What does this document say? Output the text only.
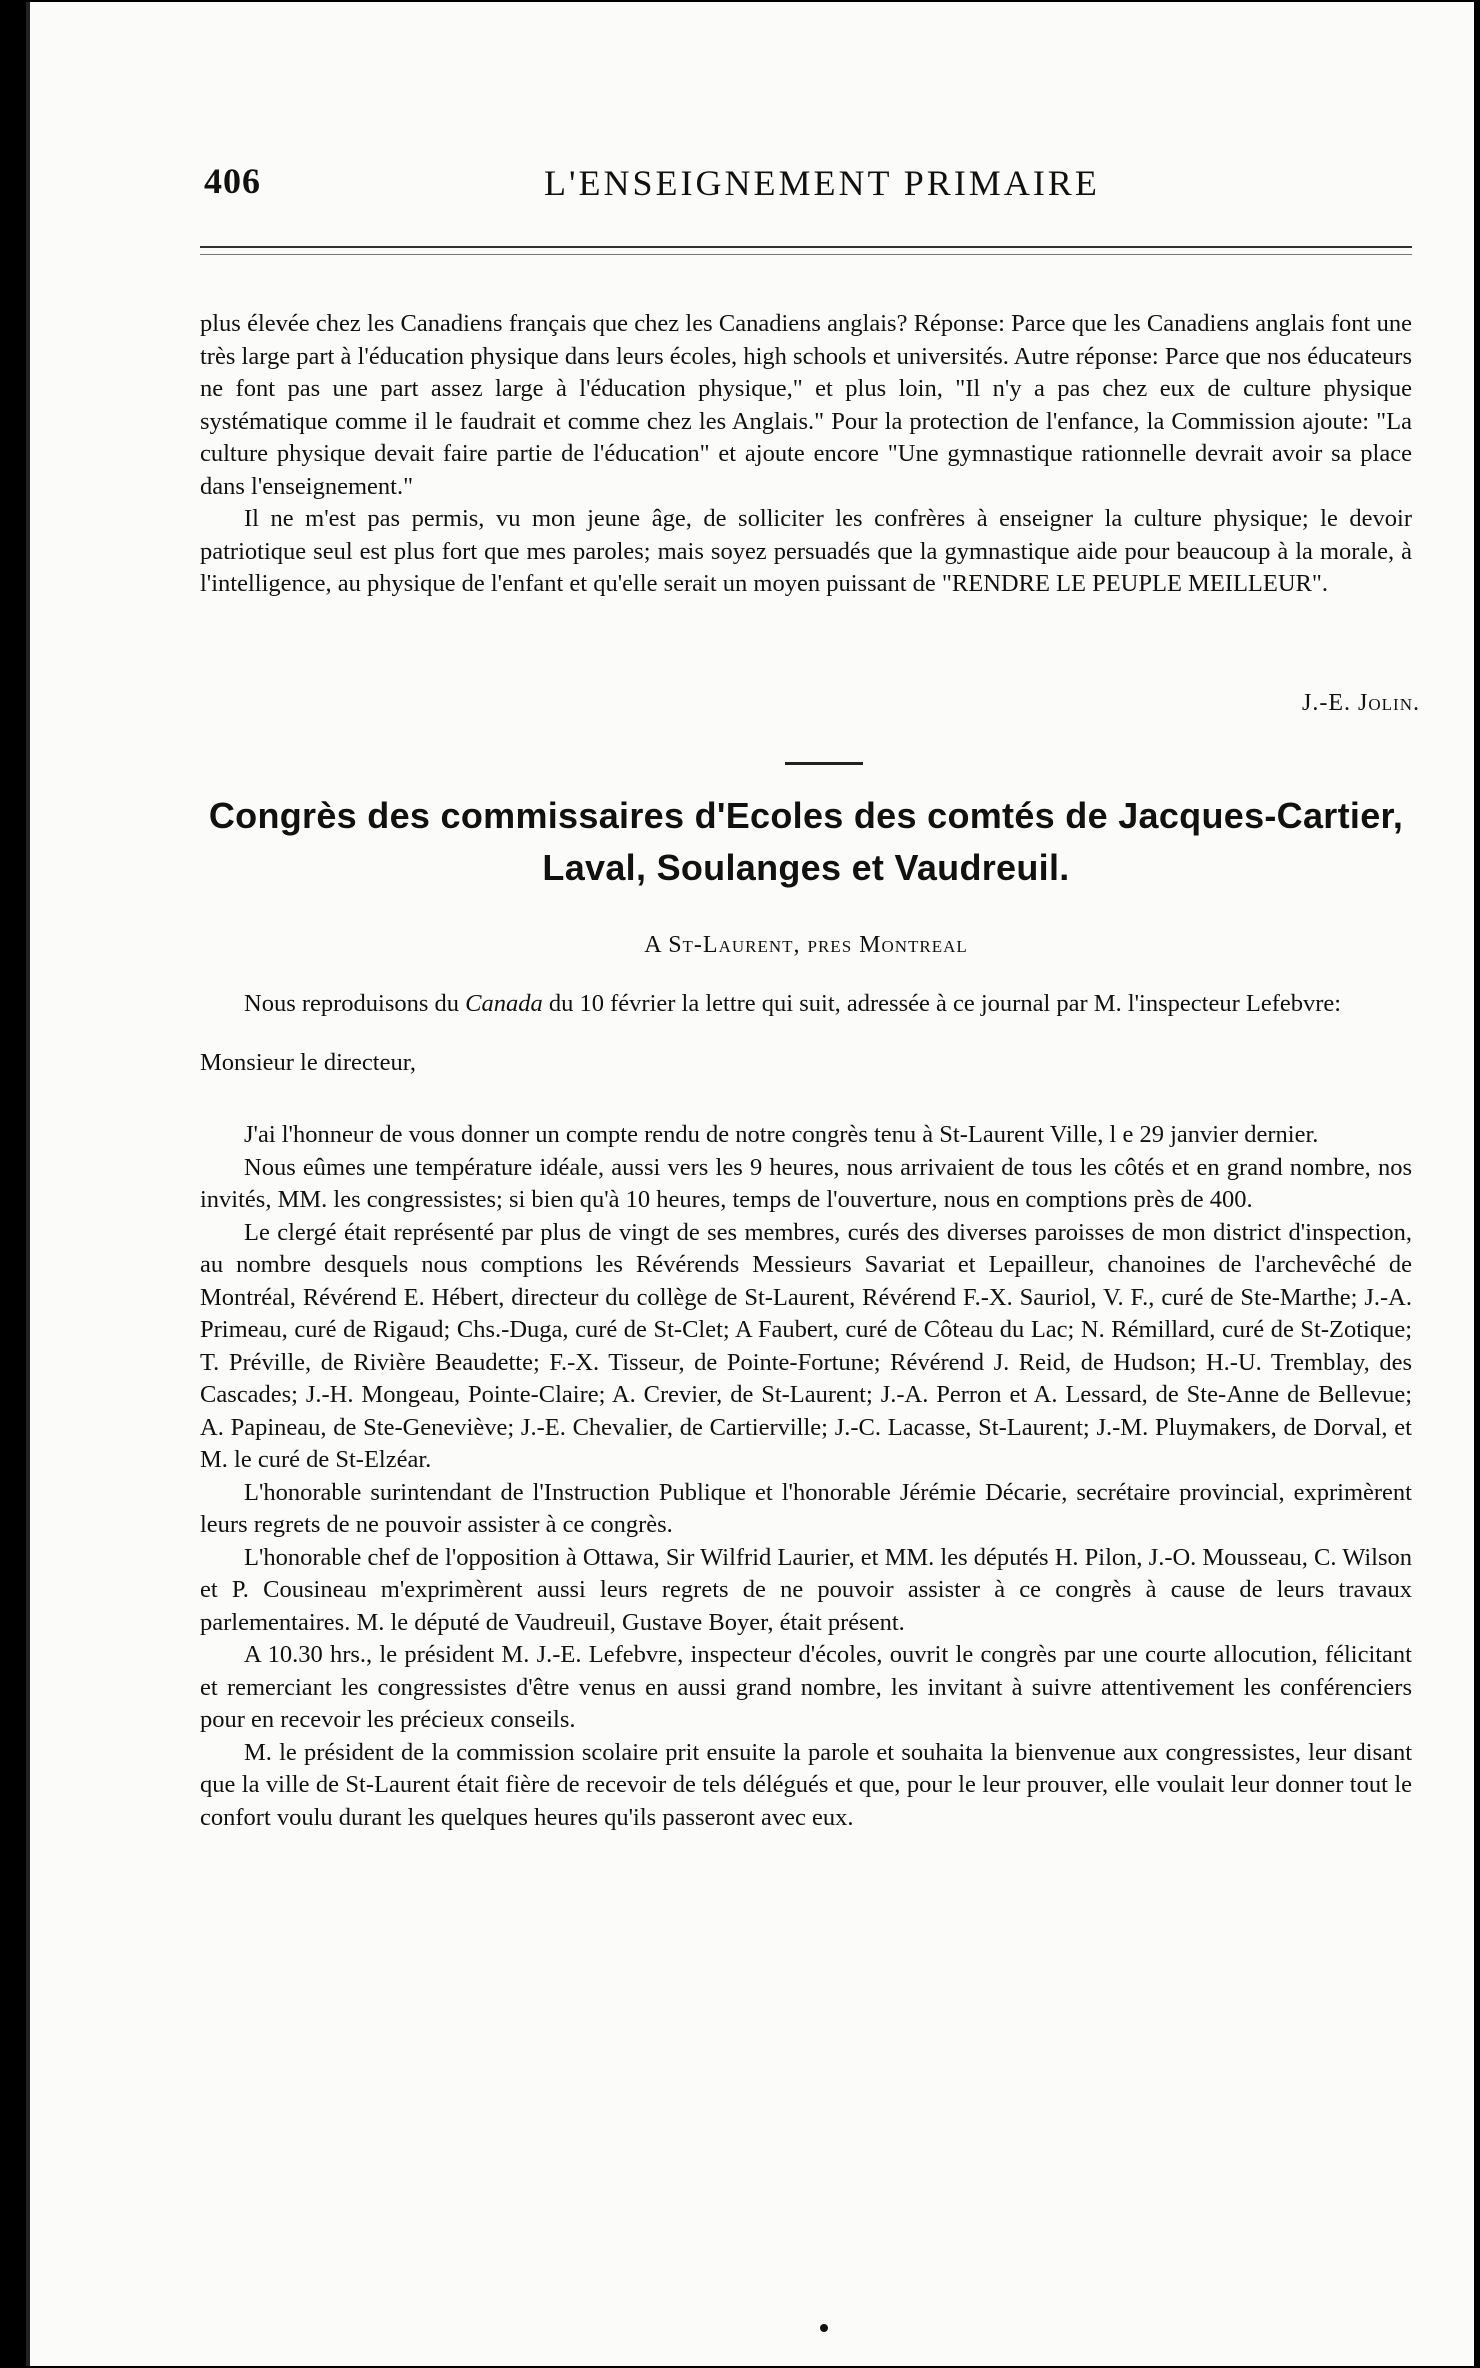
406	L'ENSEIGNEMENT PRIMAIRE

plus élevée chez les Canadiens français que chez les Canadiens anglais? Réponse: Parce que les Canadiens anglais font une très large part à l'éducation physique dans leurs écoles, high schools et universités. Autre réponse: Parce que nos éducateurs ne font pas une part assez large à l'éducation physique," et plus loin, "Il n'y a pas chez eux de culture physique systématique comme il le faudrait et comme chez les Anglais." Pour la protection de l'enfance, la Commission ajoute: "La culture physique devait faire partie de l'éducation" et ajoute encore "Une gymnastique rationnelle devrait avoir sa place dans l'enseignement."

Il ne m'est pas permis, vu mon jeune âge, de solliciter les confrères à enseigner la culture physique; le devoir patriotique seul est plus fort que mes paroles; mais soyez persuadés que la gymnastique aide pour beaucoup à la morale, à l'intelligence, au physique de l'enfant et qu'elle serait un moyen puissant de "RENDRE LE PEUPLE MEILLEUR".

J.-E. Jolin.
Congrès des commissaires d'Ecoles des comtés de Jacques-Cartier,
Laval, Soulanges et Vaudreuil.
A St-Laurent, pres Montreal

Nous reproduisons du Canada du 10 février la lettre qui suit, adressée à ce journal par M. l'inspecteur Lefebvre:

Monsieur le directeur,

J'ai l'honneur de vous donner un compte rendu de notre congrès tenu à St-Laurent Ville, l e 29 janvier dernier.

Nous eûmes une température idéale, aussi vers les 9 heures, nous arrivaient de tous les côtés et en grand nombre, nos invités, MM. les congressistes; si bien qu'à 10 heures, temps de l'ouverture, nous en comptions près de 400.

Le clergé était représenté par plus de vingt de ses membres, curés des diverses paroisses de mon district d'inspection, au nombre desquels nous comptions les Révérends Messieurs Savariat et Lepailleur, chanoines de l'archevêché de Montréal, Révérend E. Hébert, directeur du collège de St-Laurent, Révérend F.-X. Sauriol, V. F., curé de Ste-Marthe; J.-A. Primeau, curé de Rigaud; Chs.-Duga, curé de St-Clet; A Faubert, curé de Côteau du Lac; N. Rémillard, curé de St-Zotique; T. Préville, de Rivière Beaudette; F.-X. Tisseur, de Pointe-Fortune; Révérend J. Reid, de Hudson; H.-U. Tremblay, des Cascades; J.-H. Mongeau, Pointe-Claire; A. Crevier, de St-Laurent; J.-A. Perron et A. Lessard, de Ste-Anne de Bellevue; A. Papineau, de Ste-Geneviève; J.-E. Chevalier, de Cartierville; J.-C. Lacasse, St-Laurent; J.-M. Pluymakers, de Dorval, et M. le curé de St-Elzéar.

L'honorable surintendant de l'Instruction Publique et l'honorable Jérémie Décarie, secrétaire provincial, exprimèrent leurs regrets de ne pouvoir assister à ce congrès.

L'honorable chef de l'opposition à Ottawa, Sir Wilfrid Laurier, et MM. les députés H. Pilon, J.-O. Mousseau, C. Wilson et P. Cousineau m'exprimèrent aussi leurs regrets de ne pouvoir assister à ce congrès à cause de leurs travaux parlementaires. M. le député de Vaudreuil, Gustave Boyer, était présent.

A 10.30 hrs., le président M. J.-E. Lefebvre, inspecteur d'écoles, ouvrit le congrès par une courte allocution, félicitant et remerciant les congressistes d'être venus en aussi grand nombre, les invitant à suivre attentivement les conférenciers pour en recevoir les précieux conseils.

M. le président de la commission scolaire prit ensuite la parole et souhaita la bienvenue aux congressistes, leur disant que la ville de St-Laurent était fière de recevoir de tels délégués et que, pour le leur prouver, elle voulait leur donner tout le confort voulu durant les quelques heures qu'ils passeront avec eux.
